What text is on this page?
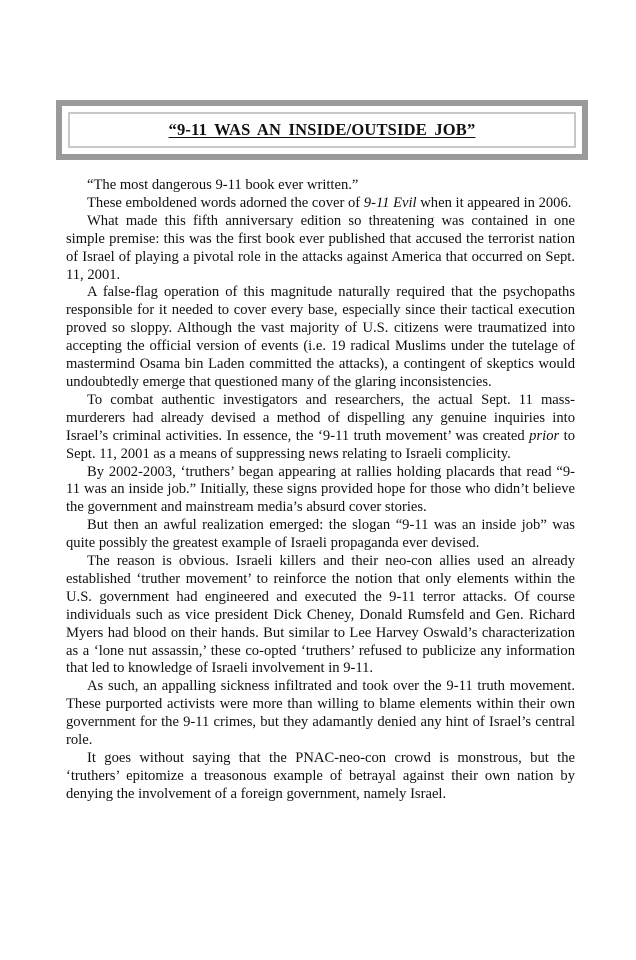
“9-11 WAS AN INSIDE/OUTSIDE JOB”

“The most dangerous 9-11 book ever written.”

These emboldened words adorned the cover of 9-11 Evil when it appeared in 2006.

What made this fifth anniversary edition so threatening was contained in one simple premise: this was the first book ever published that accused the terrorist nation of Israel of playing a pivotal role in the attacks against America that occurred on Sept. 11, 2001.

A false-flag operation of this magnitude naturally required that the psychopaths responsible for it needed to cover every base, especially since their tactical execution proved so sloppy. Although the vast majority of U.S. citizens were traumatized into accepting the official version of events (i.e. 19 radical Muslims under the tutelage of mastermind Osama bin Laden committed the attacks), a contingent of skeptics would undoubtedly emerge that questioned many of the glaring inconsistencies.

To combat authentic investigators and researchers, the actual Sept. 11 mass-murderers had already devised a method of dispelling any genuine inquiries into Israel’s criminal activities. In essence, the ‘9-11 truth movement’ was created prior to Sept. 11, 2001 as a means of suppressing news relating to Israeli complicity.

By 2002-2003, ‘truthers’ began appearing at rallies holding placards that read “9-11 was an inside job.” Initially, these signs provided hope for those who didn’t believe the government and mainstream media’s absurd cover stories.

But then an awful realization emerged: the slogan “9-11 was an inside job” was quite possibly the greatest example of Israeli propaganda ever devised.

The reason is obvious. Israeli killers and their neo-con allies used an already established ‘truther movement’ to reinforce the notion that only elements within the U.S. government had engineered and executed the 9-11 terror attacks. Of course individuals such as vice president Dick Cheney, Donald Rumsfeld and Gen. Richard Myers had blood on their hands. But similar to Lee Harvey Oswald’s characterization as a ‘lone nut assassin,’ these co-opted ‘truthers’ refused to publicize any information that led to knowledge of Israeli involvement in 9-11.

As such, an appalling sickness infiltrated and took over the 9-11 truth movement. These purported activists were more than willing to blame elements within their own government for the 9-11 crimes, but they adamantly denied any hint of Israel’s central role.

It goes without saying that the PNAC-neo-con crowd is monstrous, but the ‘truthers’ epitomize a treasonous example of betrayal against their own nation by denying the involvement of a foreign government, namely Israel.
